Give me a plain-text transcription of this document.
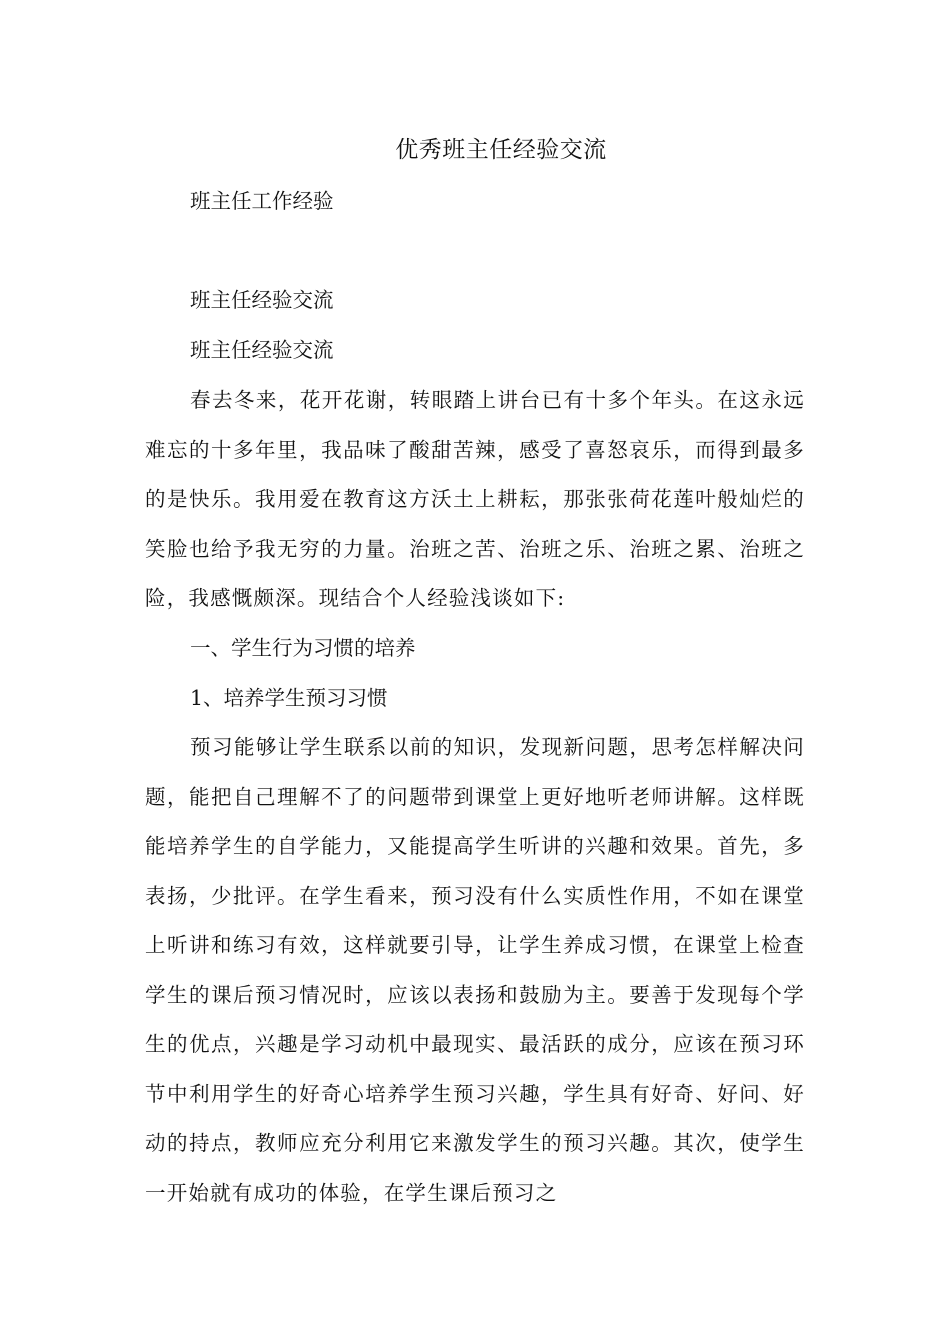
优秀班主任经验交流

班主任工作经验

班主任经验交流

班主任经验交流

春去冬来，花开花谢，转眼踏上讲台已有十多个年头。在这永远难忘的十多年里，我品味了酸甜苦辣，感受了喜怒哀乐，而得到最多的是快乐。我用爱在教育这方沃土上耕耘，那张张荷花莲叶般灿烂的笑脸也给予我无穷的力量。治班之苦、治班之乐、治班之累、治班之险，我感慨颇深。现结合个人经验浅谈如下:

一、学生行为习惯的培养

1、培养学生预习习惯

预习能够让学生联系以前的知识，发现新问题，思考怎样解决问题，能把自己理解不了的问题带到课堂上更好地听老师讲解。这样既能培养学生的自学能力，又能提高学生听讲的兴趣和效果。首先，多表扬，少批评。在学生看来，预习没有什么实质性作用，不如在课堂上听讲和练习有效，这样就要引导，让学生养成习惯，在课堂上检查学生的课后预习情况时，应该以表扬和鼓励为主。要善于发现每个学生的优点，兴趣是学习动机中最现实、最活跃的成分，应该在预习环节中利用学生的好奇心培养学生预习兴趣，学生具有好奇、好问、好动的持点，教师应充分利用它来激发学生的预习兴趣。其次，使学生一开始就有成功的体验，在学生课后预习之
